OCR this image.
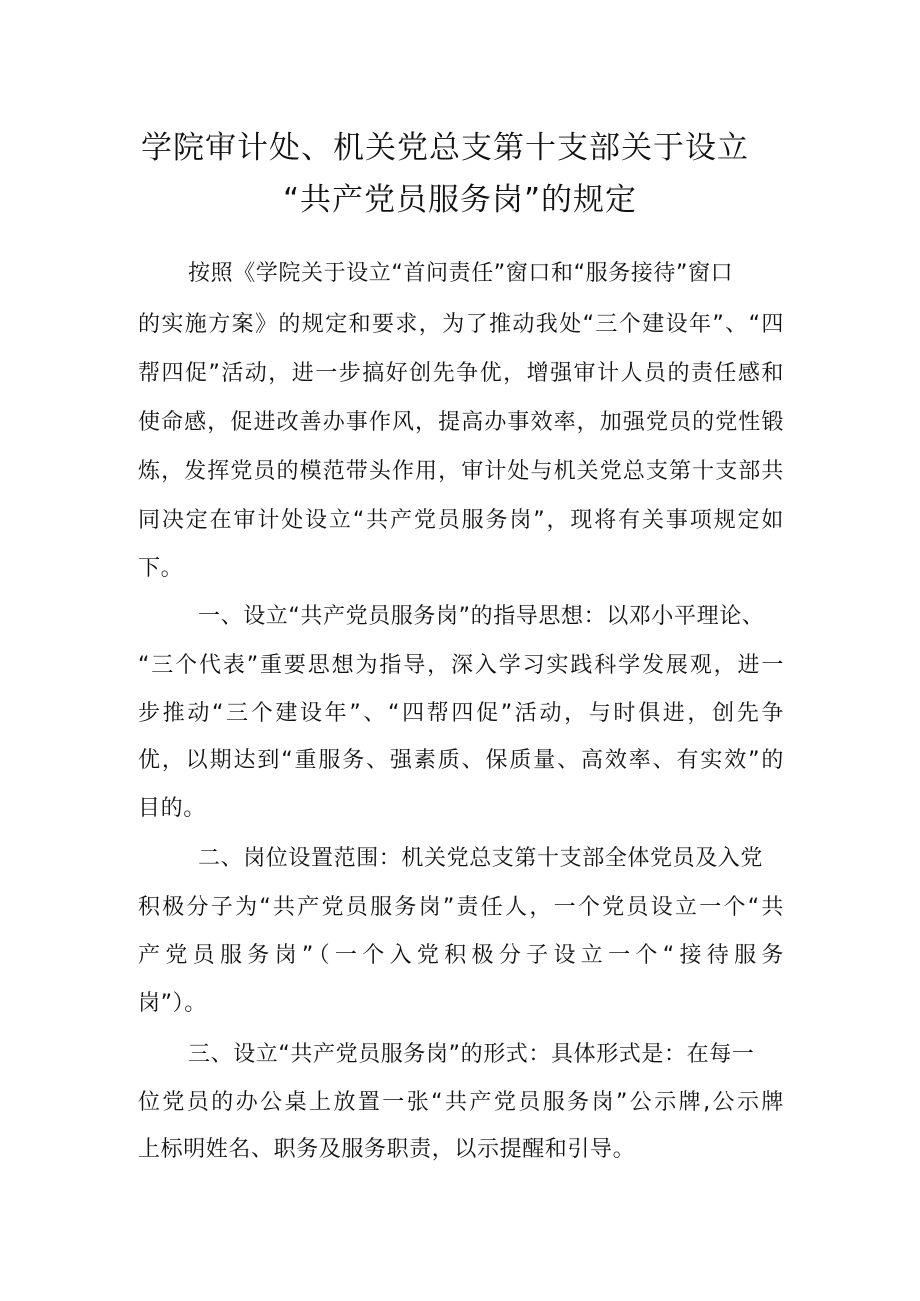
学院审计处、机关党总支第十支部关于设立
“共产党员服务岗”的规定
按照《学院关于设立“首问责任”窗口和“服务接待”窗口
的实施方案》的规定和要求，为了推动我处“三个建设年”、“四
帮四促”活动，进一步搞好创先争优，增强审计人员的责任感和
使命感，促进改善办事作风，提高办事效率，加强党员的党性锻
炼，发挥党员的模范带头作用，审计处与机关党总支第十支部共
同决定在审计处设立“共产党员服务岗”，现将有关事项规定如
下。
一、设立“共产党员服务岗”的指导思想：以邓小平理论、
“三个代表”重要思想为指导，深入学习实践科学发展观，进一
步推动“三个建设年”、“四帮四促”活动，与时俱进，创先争
优，以期达到“重服务、强素质、保质量、高效率、有实效”的
目的。
二、岗位设置范围：机关党总支第十支部全体党员及入党
积极分子为“共产党员服务岗”责任人，一个党员设立一个“共
产党员服务岗”（一个入党积极分子设立一个“接待服务
岗”）。
三、设立“共产党员服务岗”的形式：具体形式是：在每一
位党员的办公桌上放置一张“共产党员服务岗”公示牌,公示牌
上标明姓名、职务及服务职责，以示提醒和引导。
